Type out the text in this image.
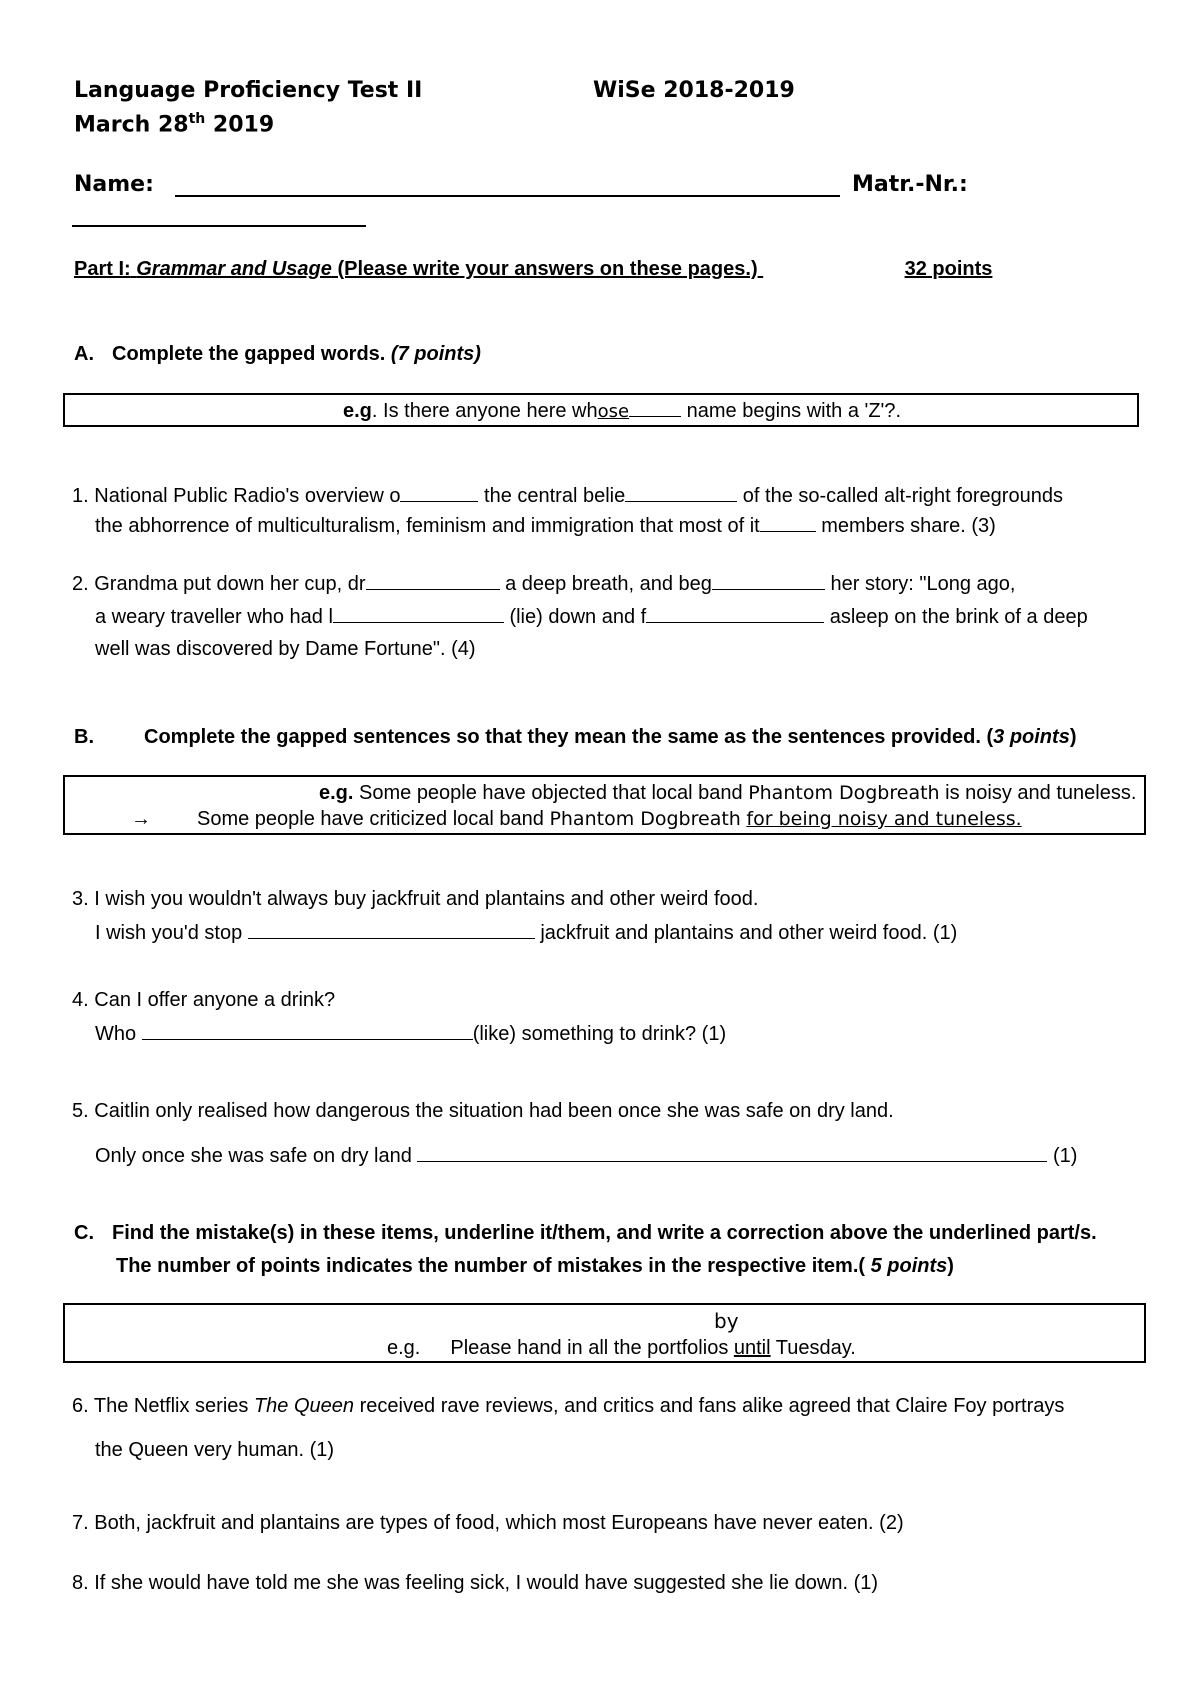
Language Proficiency Test II	WiSe 2018-2019
March 28th 2019
Name:	Matr.-Nr.:
Part I: Grammar and Usage (Please write your answers on these pages.)	32 points
A. Complete the gapped words. (7 points)
e.g. Is there anyone here whose	name begins with a 'Z'?.
1. National Public Radio's overview o	the central belie	of the so-called alt-right foregrounds
the abhorrence of multiculturalism, feminism and immigration that most of it	members share. (3)
2. Grandma put down her cup, dr	a deep breath, and beg	her story: "Long ago,
a weary traveller who had l	(lie) down and f	asleep on the brink of a deep
well was discovered by Dame Fortune". (4)
B.	Complete the gapped sentences so that they mean the same as the sentences provided. (3 points)
e.g. Some people have objected that local band Phantom Dogbreath is noisy and tuneless.
→ Some people have criticized local band Phantom Dogbreath for being noisy and tuneless.
3. I wish you wouldn't always buy jackfruit and plantains and other weird food.
I wish you'd stop	jackfruit and plantains and other weird food. (1)
4. Can I offer anyone a drink?
Who	(like) something to drink? (1)
5. Caitlin only realised how dangerous the situation had been once she was safe on dry land.
Only once she was safe on dry land	(1)
C. Find the mistake(s) in these items, underline it/them, and write a correction above the underlined part/s.
The number of points indicates the number of mistakes in the respective item.( 5 points)
by
e.g. Please hand in all the portfolios until Tuesday.
6. The Netflix series The Queen received rave reviews, and critics and fans alike agreed that Claire Foy portrays
the Queen very human. (1)
7. Both, jackfruit and plantains are types of food, which most Europeans have never eaten. (2)
8. If she would have told me she was feeling sick, I would have suggested she lie down. (1)
